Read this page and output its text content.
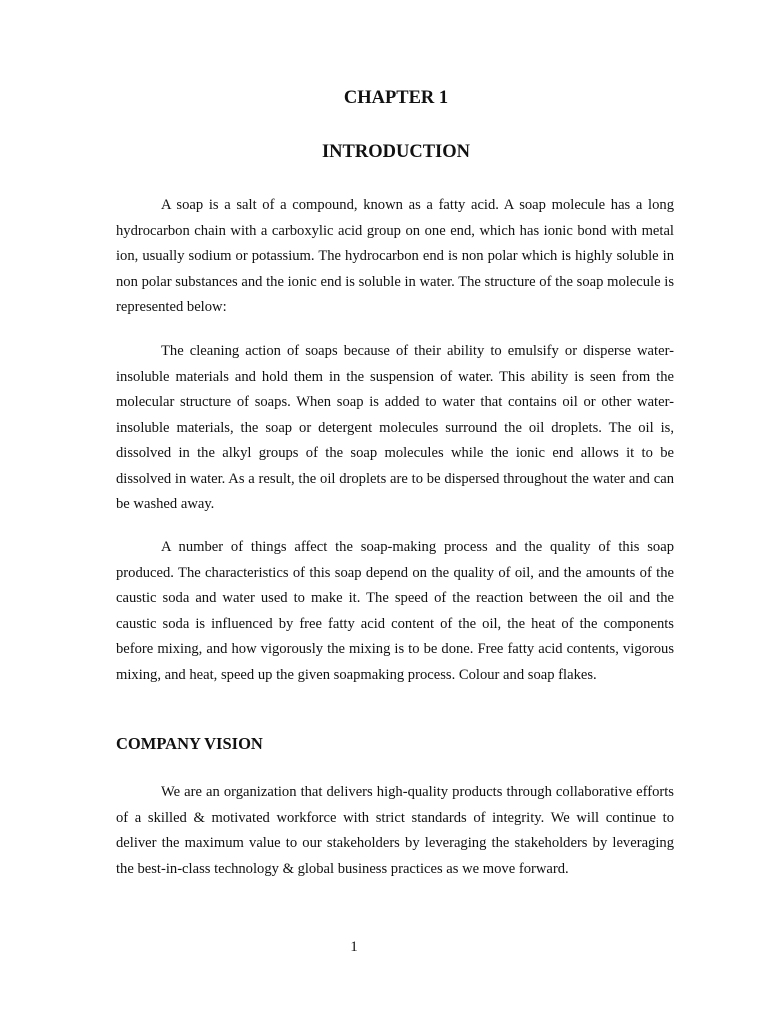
CHAPTER 1
INTRODUCTION

A soap is a salt of a compound, known as a fatty acid. A soap molecule has a long hydrocarbon chain with a carboxylic acid group on one end, which has ionic bond with metal ion, usually sodium or potassium. The hydrocarbon end is non polar which is highly soluble in non polar substances and the ionic end is soluble in water. The structure of the soap molecule is represented below:

The cleaning action of soaps because of their ability to emulsify or disperse water-insoluble materials and hold them in the suspension of water. This ability is seen from the molecular structure of soaps. When soap is added to water that contains oil or other water-insoluble materials, the soap or detergent molecules surround the oil droplets. The oil is, dissolved in the alkyl groups of the soap molecules while the ionic end allows it to be dissolved in water. As a result, the oil droplets are to be dispersed throughout the water and can be washed away.

A number of things affect the soap-making process and the quality of this soap produced. The characteristics of this soap depend on the quality of oil, and the amounts of the caustic soda and water used to make it. The speed of the reaction between the oil and the caustic soda is influenced by free fatty acid content of the oil, the heat of the components before mixing, and how vigorously the mixing is to be done. Free fatty acid contents, vigorous mixing, and heat, speed up the given soapmaking process. Colour and soap flakes.

COMPANY VISION

We are an organization that delivers high-quality products through collaborative efforts of a skilled & motivated workforce with strict standards of integrity. We will continue to deliver the maximum value to our stakeholders by leveraging the stakeholders by leveraging the best-in-class technology & global business practices as we move forward.

1
